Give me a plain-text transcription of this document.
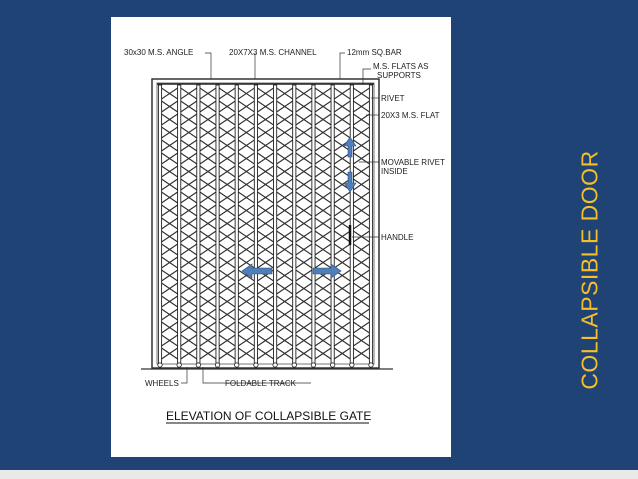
30x30 M.S. ANGLE	20X7X3 M.S. CHANNEL	12mm SQ.BAR
M.S. FLATS AS
SUPPORTS
RIVET
20X3 M.S. FLAT
MOVABLE RIVET
INSIDE
HANDLE
WHEELS	FOLDABLE TRACK
ELEVATION OF COLLAPSIBLE GATE
COLLAPSIBLE DOOR
